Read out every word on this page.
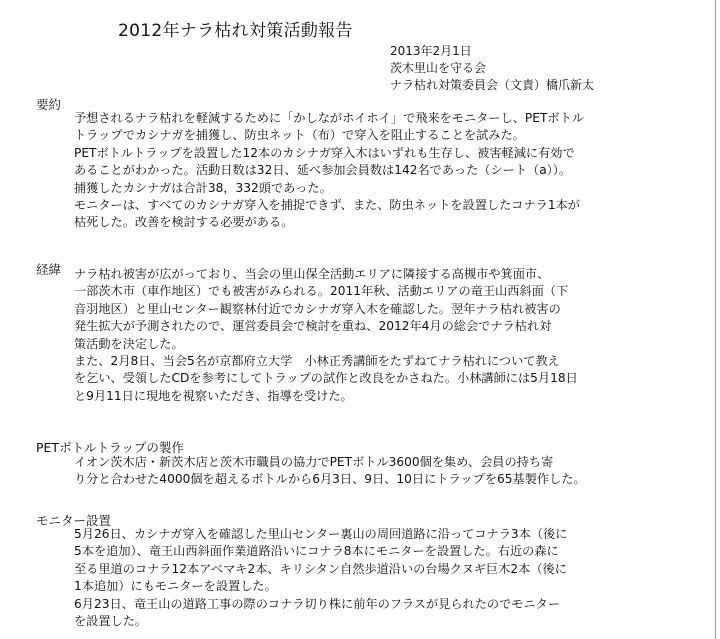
2012年ナラ枯れ対策活動報告
2013年2月1日
茨木里山を守る会
ナラ枯れ対策委員会（文責）橋爪新太
要約
予想されるナラ枯れを軽減するために「かしながホイホイ」で飛来をモニターし、PETボトル
トラップでカシナガを捕獲し、防虫ネット（布）で穿入を阻止することを試みた。
PETボトルトラップを設置した12本のカシナガ穿入木はいずれも生存し、被害軽減に有効で
あることがわかった。活動日数は32日、延べ参加会員数は142名であった（シート（a））。
捕獲したカシナガは合計38，332頭であった。
モニターは、すべてのカシナガ穿入を捕捉できず、また、防虫ネットを設置したコナラ1本が
枯死した。改善を検討する必要がある。
経緯 ナラ枯れ被害が広がっており、当会の里山保全活動エリアに隣接する高槻市や箕面市、
一部茨木市（車作地区）でも被害がみられる。2011年秋、活動エリアの竜王山西斜面（下
音羽地区）と里山センター観察林付近でカシナガ穿入木を確認した。翌年ナラ枯れ被害の
発生拡大が予測されたので、運営委員会で検討を重ね、2012年4月の総会でナラ枯れ対
策活動を決定した。
また、2月8日、当会5名が京都府立大学　小林正秀講師をたずねてナラ枯れについて教え
を乞い、受領したCDを参考にしてトラップの試作と改良をかさねた。小林講師には5月18日
と9月11日に現地を視察いただき、指導を受けた。
PETボトルトラップの製作
イオン茨木店・新茨木店と茨木市職員の協力でPETボトル3600個を集め、会員の持ち寄
り分と合わせた4000個を超えるボトルから6月3日、9日、10日にトラップを65基製作した。
モニター設置
5月26日、カシナガ穿入を確認した里山センター裏山の周回道路に沿ってコナラ3本（後に
5本を追加）、竜王山西斜面作業道路沿いにコナラ8本にモニターを設置した。右近の森に
至る里道のコナラ12本アベマキ2本、キリシタン自然歩道沿いの台場クヌギ巨木2本（後に
1本追加）にもモニターを設置した。
6月23日、竜王山の道路工事の際のコナラ切り株に前年のフラスが見られたのでモニター
を設置した。
